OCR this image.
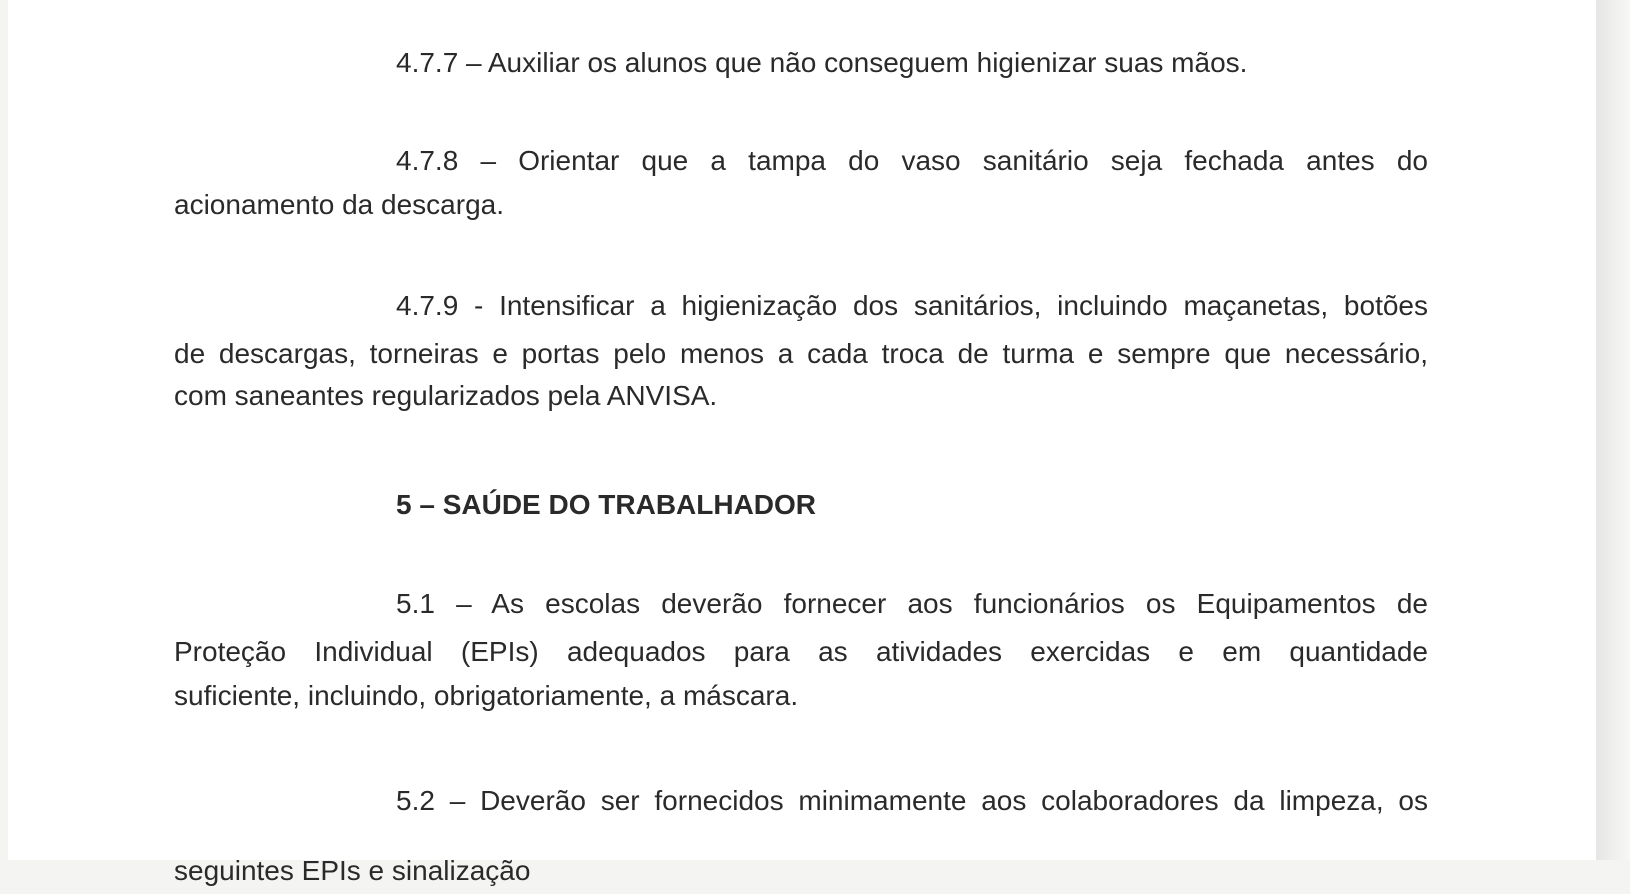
4.7.7 – Auxiliar os alunos que não conseguem higienizar suas mãos.
4.7.8 – Orientar que a tampa do vaso sanitário seja fechada antes do
acionamento da descarga.
4.7.9 - Intensificar a higienização dos sanitários, incluindo maçanetas, botões
de descargas, torneiras e portas pelo menos a cada troca de turma e sempre que necessário,
com saneantes regularizados pela ANVISA.
5 – SAÚDE DO TRABALHADOR
5.1 – As escolas deverão fornecer aos funcionários os Equipamentos de
Proteção Individual (EPIs) adequados para as atividades exercidas e em quantidade
suficiente, incluindo, obrigatoriamente, a máscara.
5.2 – Deverão ser fornecidos minimamente aos colaboradores da limpeza, os
seguintes EPIs e sinalização
